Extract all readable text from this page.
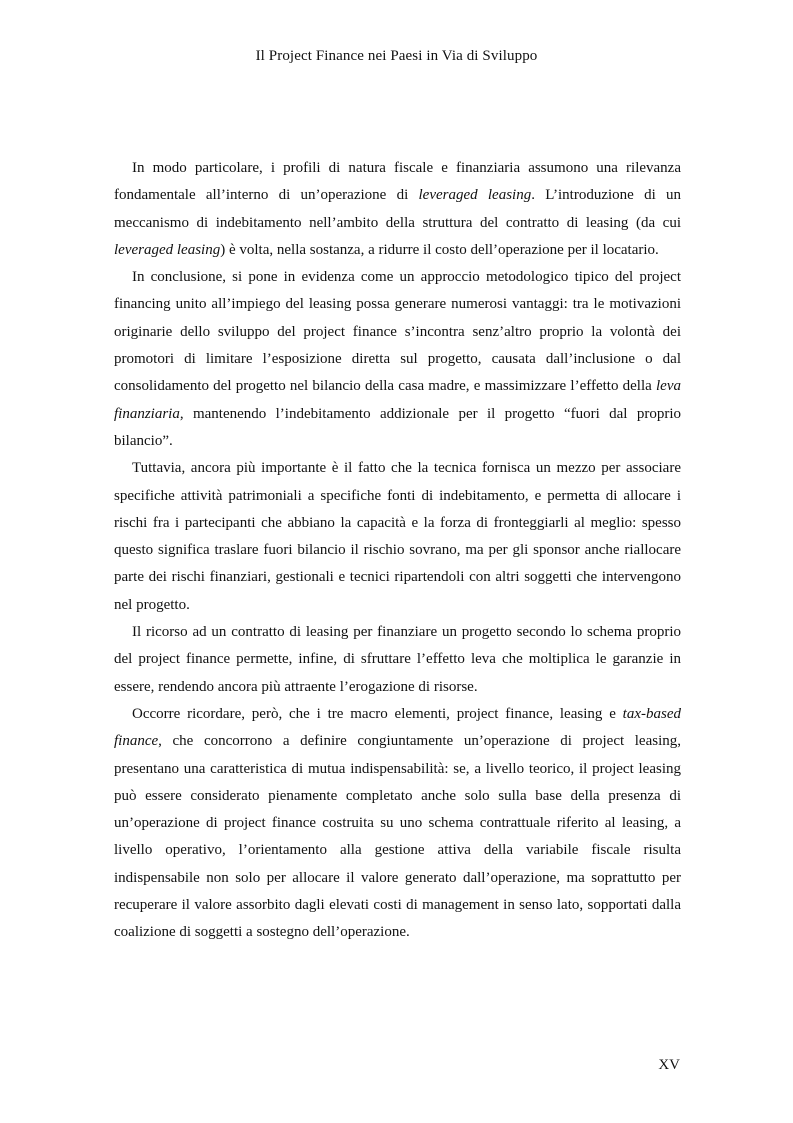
Il Project Finance nei Paesi in Via di Sviluppo

In modo particolare, i profili di natura fiscale e finanziaria assumono una rilevanza fondamentale all’interno di un’operazione di leveraged leasing. L’introduzione di un meccanismo di indebitamento nell’ambito della struttura del contratto di leasing (da cui leveraged leasing) è volta, nella sostanza, a ridurre il costo dell’operazione per il locatario.

In conclusione, si pone in evidenza come un approccio metodologico tipico del project financing unito all’impiego del leasing possa generare numerosi vantaggi: tra le motivazioni originarie dello sviluppo del project finance s’incontra senz’altro proprio la volontà dei promotori di limitare l’esposizione diretta sul progetto, causata dall’inclusione o dal consolidamento del progetto nel bilancio della casa madre, e massimizzare l’effetto della leva finanziaria, mantenendo l’indebitamento addizionale per il progetto “fuori dal proprio bilancio”.

Tuttavia, ancora più importante è il fatto che la tecnica fornisca un mezzo per associare specifiche attività patrimoniali a specifiche fonti di indebitamento, e permetta di allocare i rischi fra i partecipanti che abbiano la capacità e la forza di fronteggiarli al meglio: spesso questo significa traslare fuori bilancio il rischio sovrano, ma per gli sponsor anche riallocare parte dei rischi finanziari, gestionali e tecnici ripartendoli con altri soggetti che intervengono nel progetto.

Il ricorso ad un contratto di leasing per finanziare un progetto secondo lo schema proprio del project finance permette, infine, di sfruttare l’effetto leva che moltiplica le garanzie in essere, rendendo ancora più attraente l’erogazione di risorse.

Occorre ricordare, però, che i tre macro elementi, project finance, leasing e tax-based finance, che concorrono a definire congiuntamente un’operazione di project leasing, presentano una caratteristica di mutua indispensabilità: se, a livello teorico, il project leasing può essere considerato pienamente completato anche solo sulla base della presenza di un’operazione di project finance costruita su uno schema contrattuale riferito al leasing, a livello operativo, l’orientamento alla gestione attiva della variabile fiscale risulta indispensabile non solo per allocare il valore generato dall’operazione, ma soprattutto per recuperare il valore assorbito dagli elevati costi di management in senso lato, sopportati dalla coalizione di soggetti a sostegno dell’operazione.

XV
